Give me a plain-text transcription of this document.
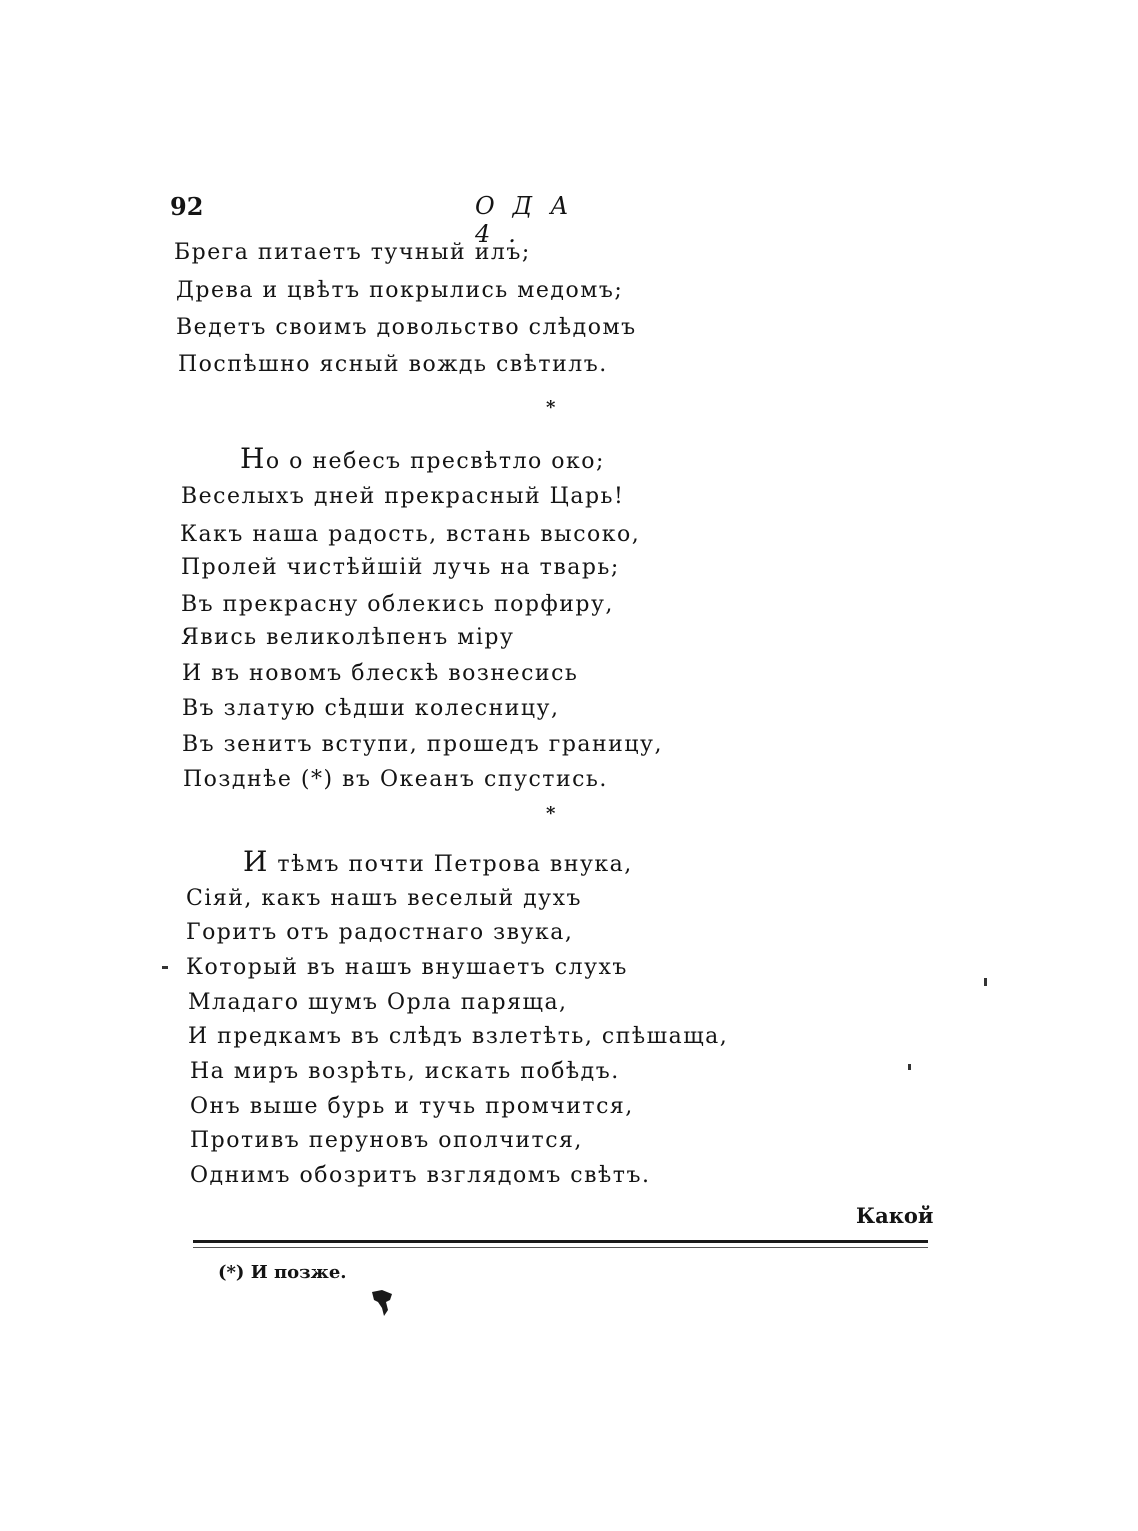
92	ОДА 4.
Брега питаетъ тучный илъ;
Древа и цвѣтъ покрылись медомъ;
Ведетъ своимъ довольство слѣдомъ
Поспѣшно ясный вождь свѣтилъ.
*
Но о небесъ пресвѣтло око;
Веселыхъ дней прекрасный Царь!
Какъ наша радость, встань высоко,
Пролей чистѣйшій лучь на тварь;
Въ прекрасну облекись порфиру,
Явись великолѣпенъ міру
И въ новомъ блескѣ вознесись
Въ златую сѣдши колесницу,
Въ зенитъ вступи, прошедъ границу,
Позднѣе (*) въ Океанъ спустись.
*
И тѣмъ почти Петрова внука,
Сіяй, какъ нашъ веселый духъ
Горитъ отъ радостнаго звука,
Который въ нашъ внушаетъ слухъ
Младаго шумъ Орла паряща,
И предкамъ въ слѣдъ взлетѣть, спѣшаща,
На миръ возрѣть, искать побѣдъ.
Онъ выше бурь и тучь промчится,
Противъ перуновъ ополчится,
Однимъ обозритъ взглядомъ свѣтъ.
Какой
(*) И позже.
